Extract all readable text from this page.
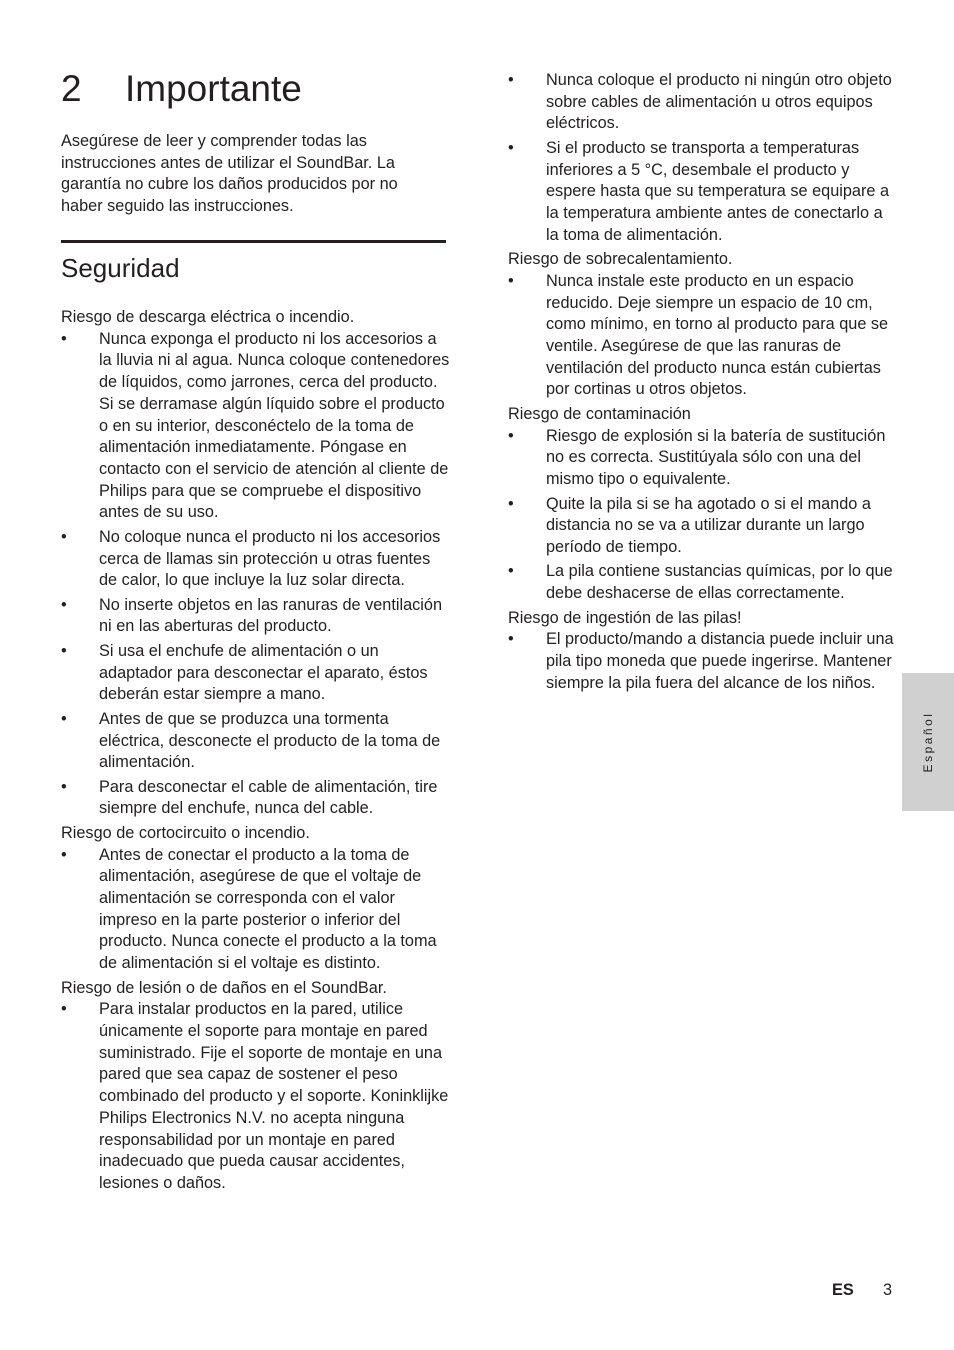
2 Importante

Asegúrese de leer y comprender todas las instrucciones antes de utilizar el SoundBar. La garantía no cubre los daños producidos por no haber seguido las instrucciones.

Seguridad

Riesgo de descarga eléctrica o incendio.

• Nunca exponga el producto ni los accesorios a la lluvia ni al agua. Nunca coloque contenedores de líquidos, como jarrones, cerca del producto. Si se derramase algún líquido sobre el producto o en su interior, desconéctelo de la toma de alimentación inmediatamente. Póngase en contacto con el servicio de atención al cliente de Philips para que se compruebe el dispositivo antes de su uso.
• No coloque nunca el producto ni los accesorios cerca de llamas sin protección u otras fuentes de calor, lo que incluye la luz solar directa.
• No inserte objetos en las ranuras de ventilación ni en las aberturas del producto.
• Si usa el enchufe de alimentación o un adaptador para desconectar el aparato, éstos deberán estar siempre a mano.
• Antes de que se produzca una tormenta eléctrica, desconecte el producto de la toma de alimentación.
• Para desconectar el cable de alimentación, tire siempre del enchufe, nunca del cable.

Riesgo de cortocircuito o incendio.

• Antes de conectar el producto a la toma de alimentación, asegúrese de que el voltaje de alimentación se corresponda con el valor impreso en la parte posterior o inferior del producto. Nunca conecte el producto a la toma de alimentación si el voltaje es distinto.

Riesgo de lesión o de daños en el SoundBar.

• Para instalar productos en la pared, utilice únicamente el soporte para montaje en pared suministrado. Fije el soporte de montaje en una pared que sea capaz de sostener el peso combinado del producto y el soporte. Koninklijke Philips Electronics N.V. no acepta ninguna responsabilidad por un montaje en pared inadecuado que pueda causar accidentes, lesiones o daños.
• Nunca coloque el producto ni ningún otro objeto sobre cables de alimentación u otros equipos eléctricos.
• Si el producto se transporta a temperaturas inferiores a 5 °C, desembale el producto y espere hasta que su temperatura se equipare a la temperatura ambiente antes de conectarlo a la toma de alimentación.

Riesgo de sobrecalentamiento.

• Nunca instale este producto en un espacio reducido. Deje siempre un espacio de 10 cm, como mínimo, en torno al producto para que se ventile. Asegúrese de que las ranuras de ventilación del producto nunca están cubiertas por cortinas u otros objetos.

Riesgo de contaminación

• Riesgo de explosión si la batería de sustitución no es correcta. Sustitúyala sólo con una del mismo tipo o equivalente.
• Quite la pila si se ha agotado o si el mando a distancia no se va a utilizar durante un largo período de tiempo.
• La pila contiene sustancias químicas, por lo que debe deshacerse de ellas correctamente.

Riesgo de ingestión de las pilas!

• El producto/mando a distancia puede incluir una pila tipo moneda que puede ingerirse. Mantener siempre la pila fuera del alcance de los niños.
Español
ES 3
